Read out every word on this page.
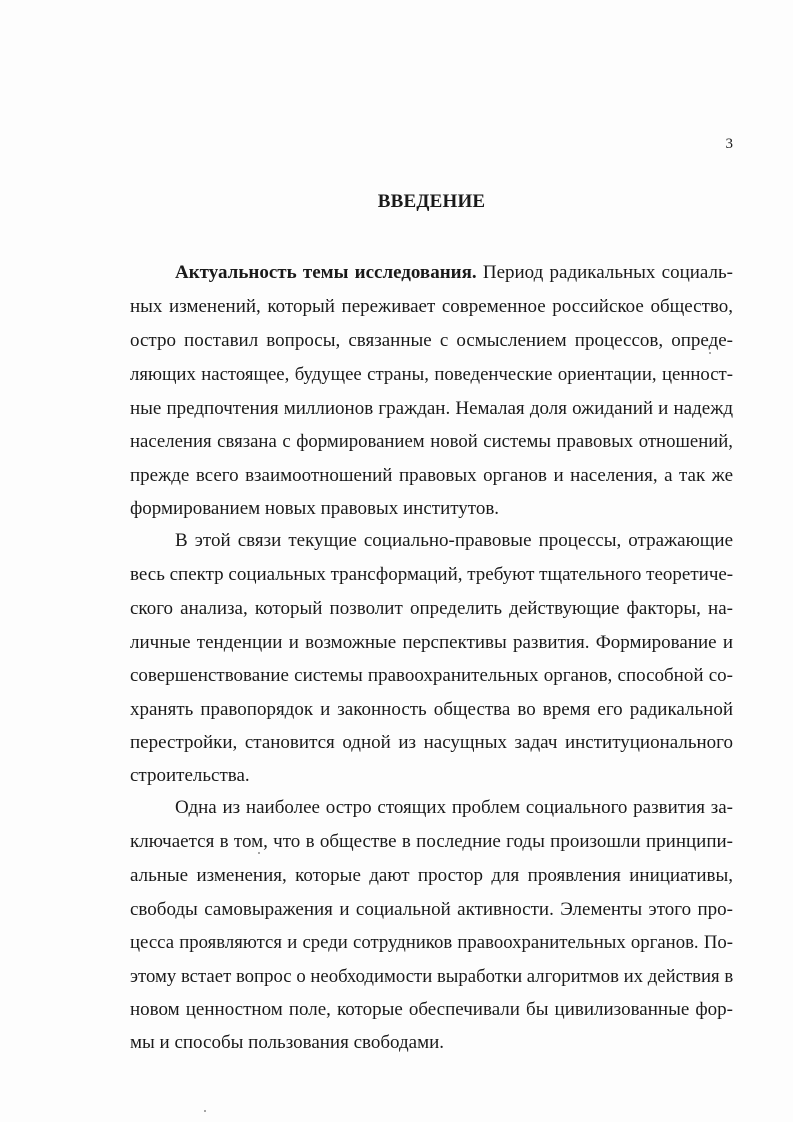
3
ВВЕДЕНИЕ
Актуальность темы исследования. Период радикальных социаль-
ных изменений, который переживает современное российское общество,
остро поставил вопросы, связанные с осмыслением процессов, опреде-
ляющих настоящее, будущее страны, поведенческие ориентации, ценност-
ные предпочтения миллионов граждан. Немалая доля ожиданий и надежд
населения связана с формированием новой системы правовых отношений,
прежде всего взаимоотношений правовых органов и населения, а так же
формированием новых правовых институтов.
В этой связи текущие социально-правовые процессы, отражающие
весь спектр социальных трансформаций, требуют тщательного теоретиче-
ского анализа, который позволит определить действующие факторы, на-
личные тенденции и возможные перспективы развития. Формирование и
совершенствование системы правоохранительных органов, способной со-
хранять правопорядок и законность общества во время его радикальной
перестройки, становится одной из насущных задач институционального
строительства.
Одна из наиболее остро стоящих проблем социального развития за-
ключается в том, что в обществе в последние годы произошли принципи-
альные изменения, которые дают простор для проявления инициативы,
свободы самовыражения и социальной активности. Элементы этого про-
цесса проявляются и среди сотрудников правоохранительных органов. По-
этому встает вопрос о необходимости выработки алгоритмов их действия в
новом ценностном поле, которые обеспечивали бы цивилизованные фор-
мы и способы пользования свободами.
